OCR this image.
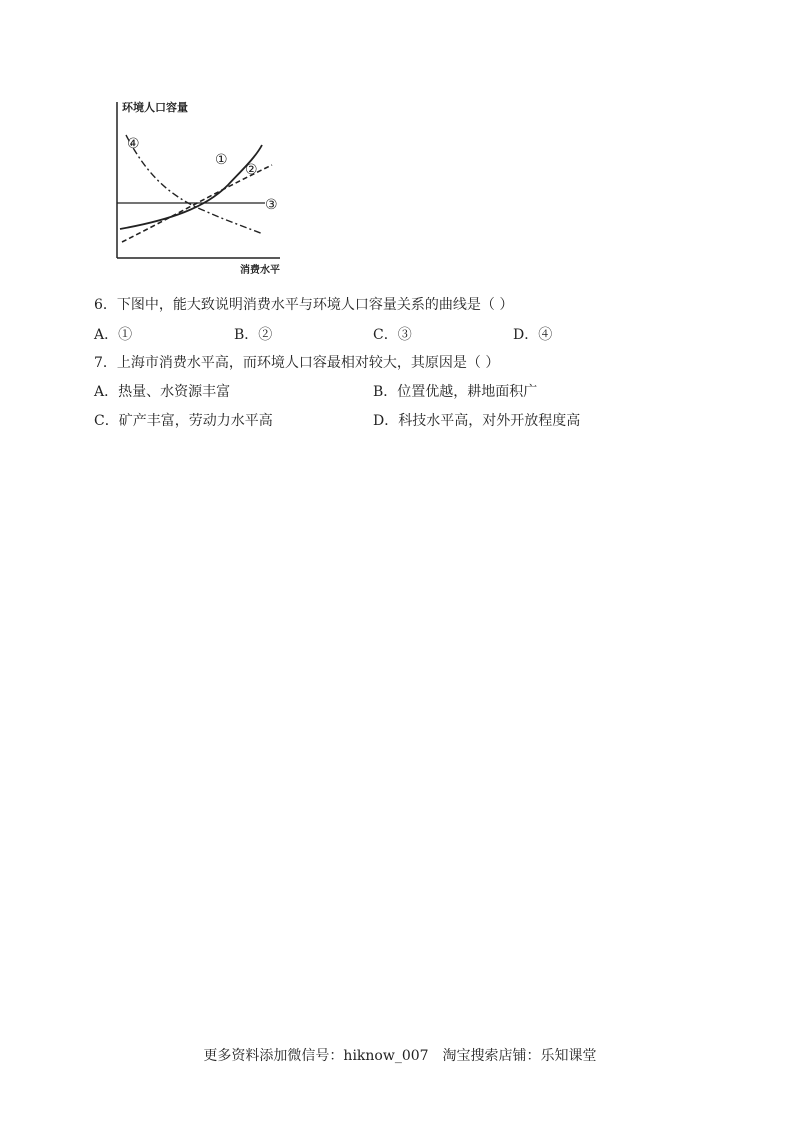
环境人口容量
消费水平
①
②
③
④
6．下图中，能大致说明消费水平与环境人口容量关系的曲线是（ ）
A．①	B．②	C．③	D．④
7．上海市消费水平高，而环境人口容最相对较大，其原因是（ ）
A．热量、水资源丰富	B．位置优越，耕地面积广
C．矿产丰富，劳动力水平高	D．科技水平高，对外开放程度高
更多资料添加微信号：hiknow_007　淘宝搜索店铺：乐知课堂
